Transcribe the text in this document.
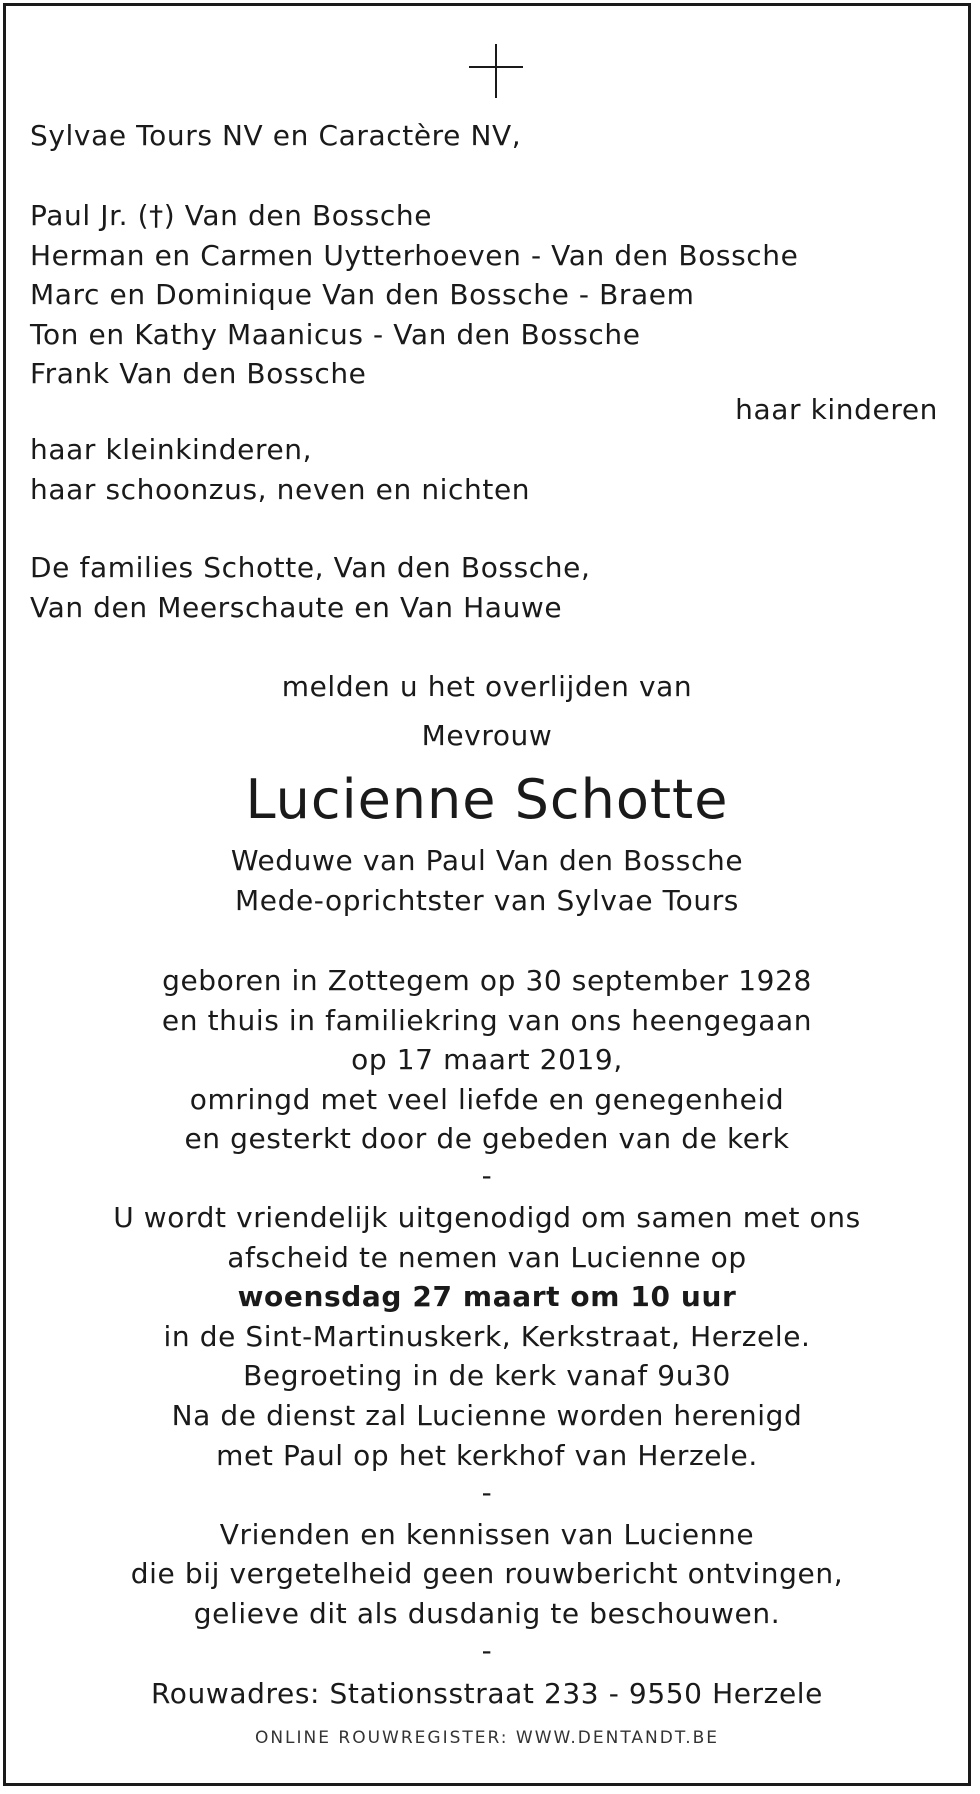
Sylvae Tours NV en Caractère NV,
Paul Jr. (†) Van den Bossche
Herman en Carmen Uytterhoeven - Van den Bossche
Marc en Dominique Van den Bossche - Braem
Ton en Kathy Maanicus - Van den Bossche
Frank Van den Bossche
haar kinderen
haar kleinkinderen,
haar schoonzus, neven en nichten
De families Schotte, Van den Bossche,
Van den Meerschaute en Van Hauwe
melden u het overlijden van
Mevrouw
Lucienne Schotte
Weduwe van Paul Van den Bossche
Mede-oprichtster van Sylvae Tours
geboren in Zottegem op 30 september 1928
en thuis in familiekring van ons heengegaan
op 17 maart 2019,
omringd met veel liefde en genegenheid
en gesterkt door de gebeden van de kerk
-
U wordt vriendelijk uitgenodigd om samen met ons
afscheid te nemen van Lucienne op
woensdag 27 maart om 10 uur
in de Sint-Martinuskerk, Kerkstraat, Herzele.
Begroeting in de kerk vanaf 9u30
Na de dienst zal Lucienne worden herenigd
met Paul op het kerkhof van Herzele.
-
Vrienden en kennissen van Lucienne
die bij vergetelheid geen rouwbericht ontvingen,
gelieve dit als dusdanig te beschouwen.
-
Rouwadres: Stationsstraat 233 - 9550 Herzele
ONLINE ROUWREGISTER: WWW.DENTANDT.BE
